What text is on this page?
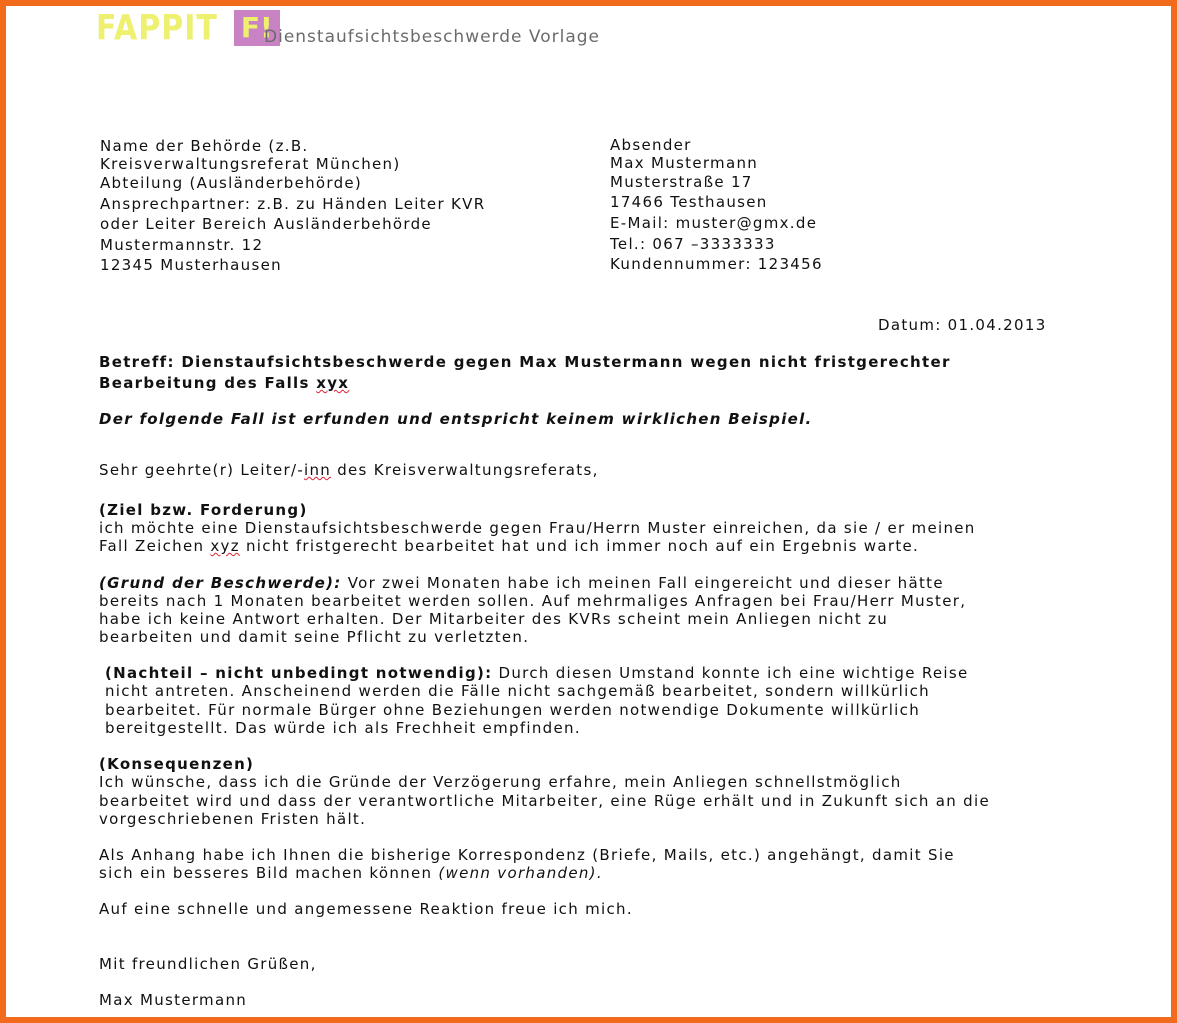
FAPPIT F!
Dienstaufsichtsbeschwerde Vorlage
Name der Behörde (z.B.
Kreisverwaltungsreferat München)
Abteilung (Ausländerbehörde)
Ansprechpartner: z.B. zu Händen Leiter KVR
oder Leiter Bereich Ausländerbehörde
Mustermannstr. 12
12345 Musterhausen
Absender
Max Mustermann
Musterstraße 17
17466 Testhausen
E-Mail: muster@gmx.de
Tel.: 067 –3333333
Kundennummer: 123456
Datum: 01.04.2013
Betreff: Dienstaufsichtsbeschwerde gegen Max Mustermann wegen nicht fristgerechter
Bearbeitung des Falls xyx
Der folgende Fall ist erfunden und entspricht keinem wirklichen Beispiel.
Sehr geehrte(r) Leiter/-inn des Kreisverwaltungsreferats,
(Ziel bzw. Forderung)
ich möchte eine Dienstaufsichtsbeschwerde gegen Frau/Herrn Muster einreichen, da sie / er meinen
Fall Zeichen xyz nicht fristgerecht bearbeitet hat und ich immer noch auf ein Ergebnis warte.
(Grund der Beschwerde): Vor zwei Monaten habe ich meinen Fall eingereicht und dieser hätte
bereits nach 1 Monaten bearbeitet werden sollen. Auf mehrmaliges Anfragen bei Frau/Herr Muster,
habe ich keine Antwort erhalten. Der Mitarbeiter des KVRs scheint mein Anliegen nicht zu
bearbeiten und damit seine Pflicht zu verletzten.
(Nachteil – nicht unbedingt notwendig): Durch diesen Umstand konnte ich eine wichtige Reise
nicht antreten. Anscheinend werden die Fälle nicht sachgemäß bearbeitet, sondern willkürlich
bearbeitet. Für normale Bürger ohne Beziehungen werden notwendige Dokumente willkürlich
bereitgestellt. Das würde ich als Frechheit empfinden.
(Konsequenzen)
Ich wünsche, dass ich die Gründe der Verzögerung erfahre, mein Anliegen schnellstmöglich
bearbeitet wird und dass der verantwortliche Mitarbeiter, eine Rüge erhält und in Zukunft sich an die
vorgeschriebenen Fristen hält.
Als Anhang habe ich Ihnen die bisherige Korrespondenz (Briefe, Mails, etc.) angehängt, damit Sie
sich ein besseres Bild machen können (wenn vorhanden).
Auf eine schnelle und angemessene Reaktion freue ich mich.
Mit freundlichen Grüßen,
Max Mustermann
